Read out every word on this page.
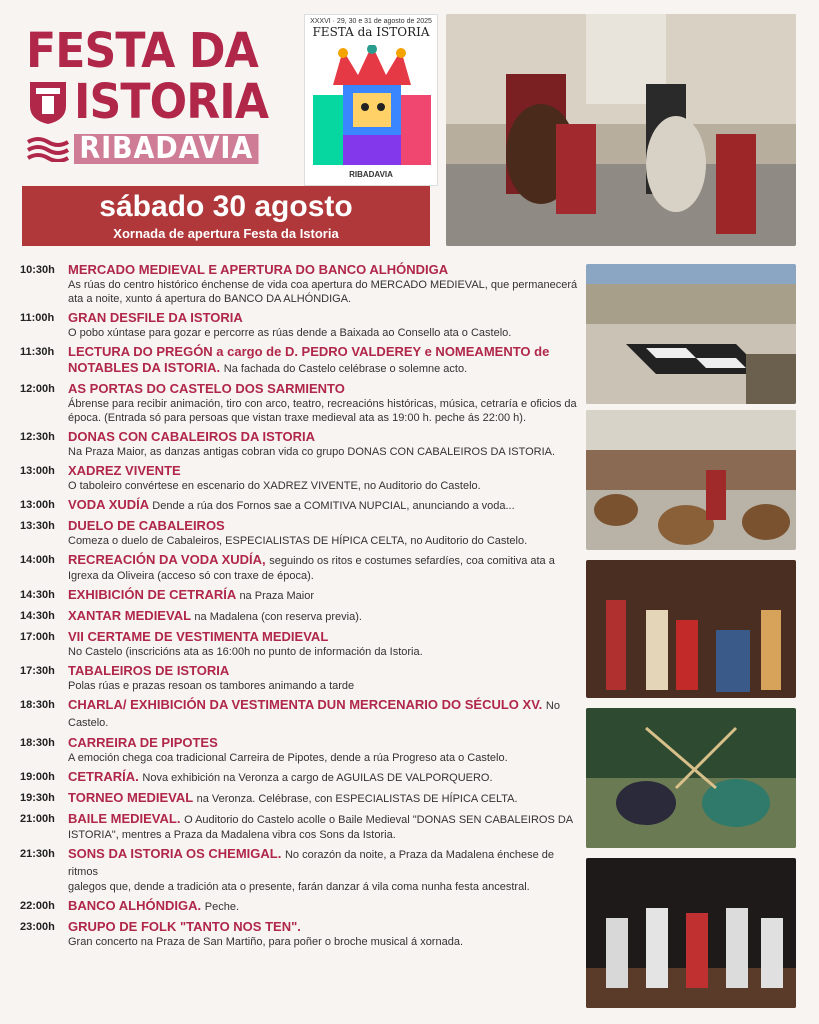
FESTA DA
ISTORIA
RIBADAVIA
XXXVI · 29, 30 e 31 de agosto de 2025
FESTA da ISTORIA
RIBADAVIA
sábado 30 agosto
Xornada de apertura Festa da Istoria
10:30h	MERCADO MEDIEVAL E APERTURA DO BANCO ALHÓNDIGA
As rúas do centro histórico énchense de vida coa apertura do MERCADO MEDIEVAL, que permanecerá ata a noite, xunto á apertura do BANCO DA ALHÓNDIGA.
11:00h	GRAN DESFILE DA ISTORIA
O pobo xúntase para gozar e percorre as rúas dende a Baixada ao Consello ata o Castelo.
11:30h	LECTURA DO PREGÓN a cargo de D. PEDRO VALDEREY e NOMEAMENTO de NOTABLES DA ISTORIA. Na fachada do Castelo celébrase o solemne acto.
12:00h	AS PORTAS DO CASTELO DOS SARMIENTO
Ábrense para recibir animación, tiro con arco, teatro, recreacións históricas, música, cetraría e oficios da época. (Entrada só para persoas que vistan traxe medieval ata as 19:00 h. peche ás 22:00 h).
12:30h	DONAS CON CABALEIROS DA ISTORIA
Na Praza Maior, as danzas antigas cobran vida co grupo DONAS CON CABALEIROS DA ISTORIA.
13:00h	XADREZ VIVENTE
O taboleiro convértese en escenario do XADREZ VIVENTE, no Auditorio do Castelo.
13:00h	VODA XUDÍA Dende a rúa dos Fornos sae a COMITIVA NUPCIAL, anunciando a voda...
13:30h	DUELO DE CABALEIROS
Comeza o duelo de Cabaleiros, ESPECIALISTAS DE HÍPICA CELTA, no Auditorio do Castelo.
14:00h	RECREACIÓN DA VODA XUDÍA, seguindo os ritos e costumes sefardíes, coa comitiva ata a
Igrexa da Oliveira (acceso só con traxe de época).
14:30h	EXHIBICIÓN DE CETRARÍA na Praza Maior
14:30h	XANTAR MEDIEVAL na Madalena (con reserva previa).
17:00h	VII CERTAME DE VESTIMENTA MEDIEVAL
No Castelo (inscricións ata as 16:00h no punto de información da Istoria.
17:30h	TABALEIROS DE ISTORIA
Polas rúas e prazas resoan os tambores animando a tarde
18:30h	CHARLA/ EXHIBICIÓN DA VESTIMENTA DUN MERCENARIO DO SÉCULO XV. No Castelo.
18:30h	CARREIRA DE PIPOTES
A emoción chega coa tradicional Carreira de Pipotes, dende a rúa Progreso ata o Castelo.
19:00h	CETRARÍA. Nova exhibición na Veronza a cargo de AGUILAS DE VALPORQUERO.
19:30h	TORNEO MEDIEVAL na Veronza. Celébrase, con ESPECIALISTAS DE HÍPICA CELTA.
21:00h	BAILE MEDIEVAL. O Auditorio do Castelo acolle o Baile Medieval "DONAS SEN CABALEIROS DA
ISTORIA", mentres a Praza da Madalena vibra cos Sons da Istoria.
21:30h	SONS DA ISTORIA OS CHEMIGAL. No corazón da noite, a Praza da Madalena énchese de ritmos
galegos que, dende a tradición ata o presente, farán danzar á vila coma nunha festa ancestral.
22:00h	BANCO ALHÓNDIGA. Peche.
23:00h	GRUPO DE FOLK "TANTO NOS TEN".
Gran concerto na Praza de San Martiño, para poñer o broche musical á xornada.
